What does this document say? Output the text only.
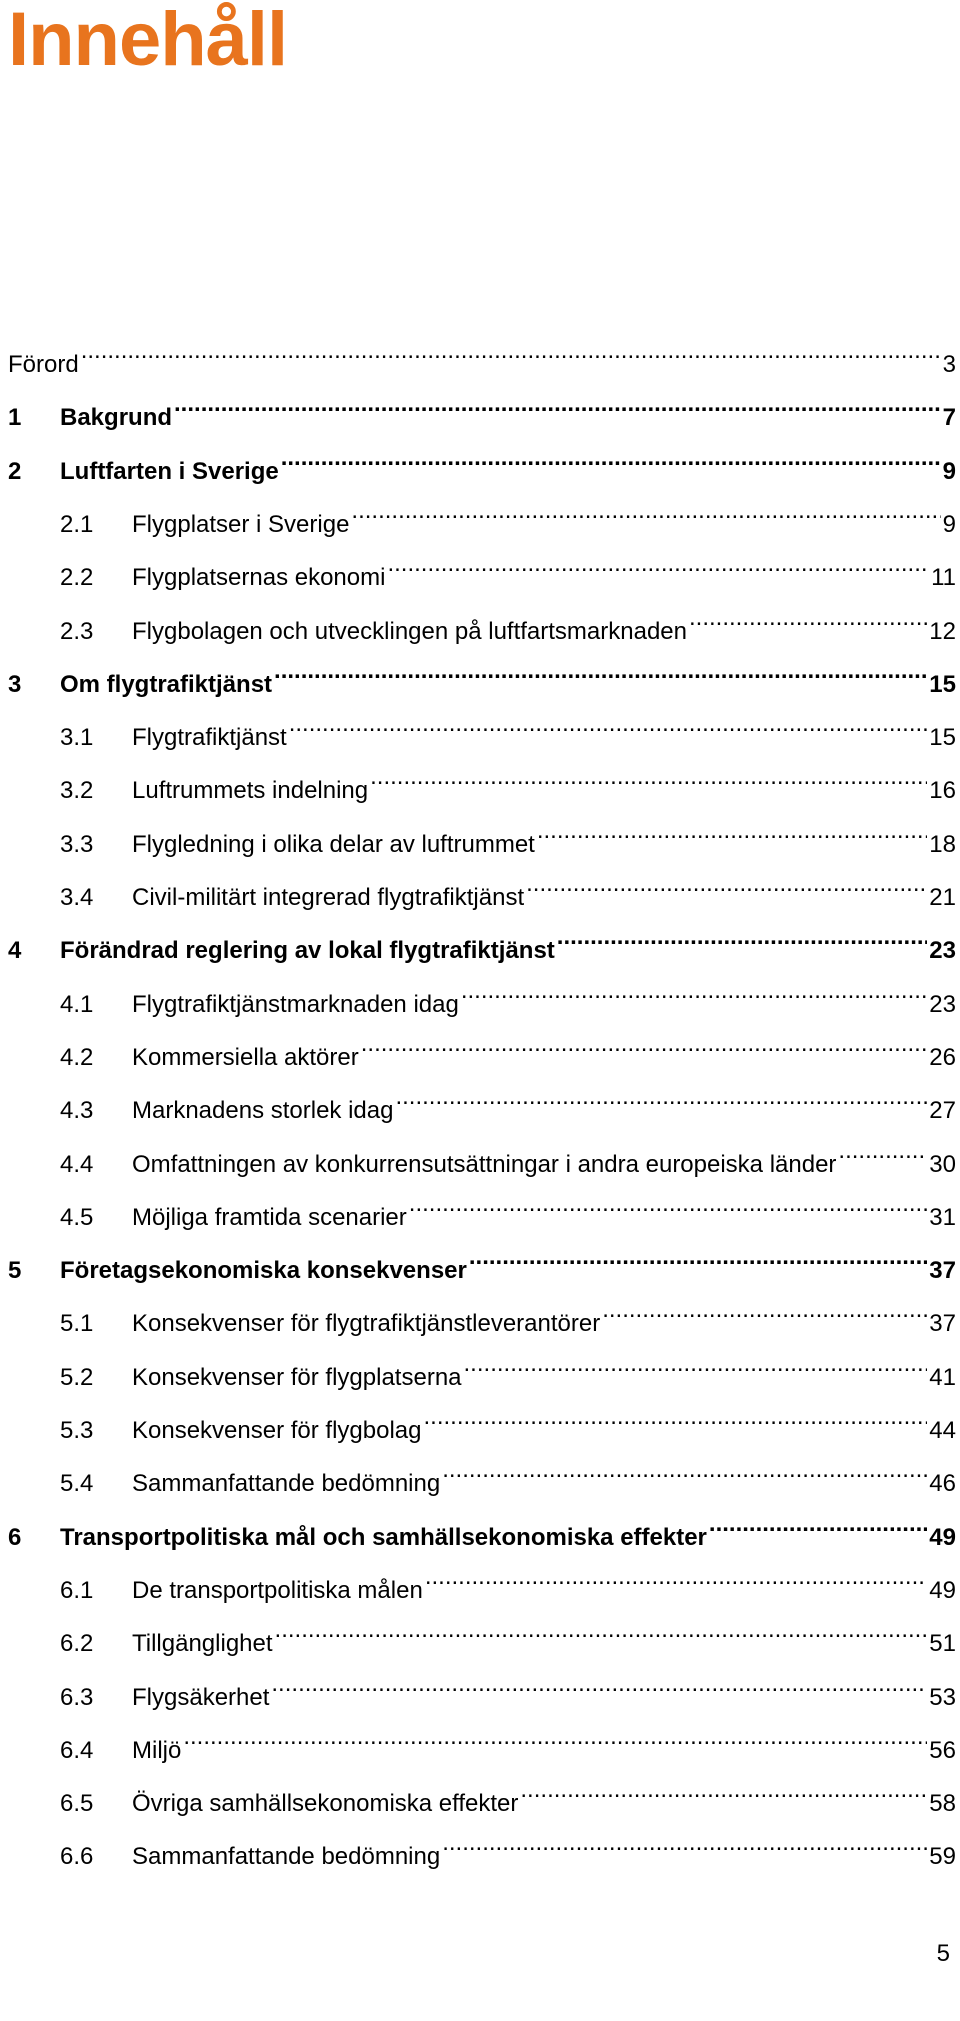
Innehåll
Förord .....	3
1	Bakgrund .....	7
2	Luftfarten i Sverige .....	9
2.1	Flygplatser i Sverige .....	9
2.2	Flygplatsernas ekonomi .....	11
2.3	Flygbolagen och utvecklingen på luftfartsmarknaden .....	12
3	Om flygtrafiktjänst .....	15
3.1	Flygtrafiktjänst .....	15
3.2	Luftrummets indelning .....	16
3.3	Flygledning i olika delar av luftrummet .....	18
3.4	Civil-militärt integrerad flygtrafiktjänst .....	21
4	Förändrad reglering av lokal flygtrafiktjänst .....	23
4.1	Flygtrafiktjänstmarknaden idag .....	23
4.2	Kommersiella aktörer .....	26
4.3	Marknadens storlek idag .....	27
4.4	Omfattningen av konkurrensutsättningar i andra europeiska länder .....	30
4.5	Möjliga framtida scenarier .....	31
5	Företagsekonomiska konsekvenser .....	37
5.1	Konsekvenser för flygtrafiktjänstleverantörer .....	37
5.2	Konsekvenser för flygplatserna .....	41
5.3	Konsekvenser för flygbolag .....	44
5.4	Sammanfattande bedömning .....	46
6	Transportpolitiska mål och samhällsekonomiska effekter .....	49
6.1	De transportpolitiska målen .....	49
6.2	Tillgänglighet .....	51
6.3	Flygsäkerhet .....	53
6.4	Miljö .....	56
6.5	Övriga samhällsekonomiska effekter .....	58
6.6	Sammanfattande bedömning .....	59
5
